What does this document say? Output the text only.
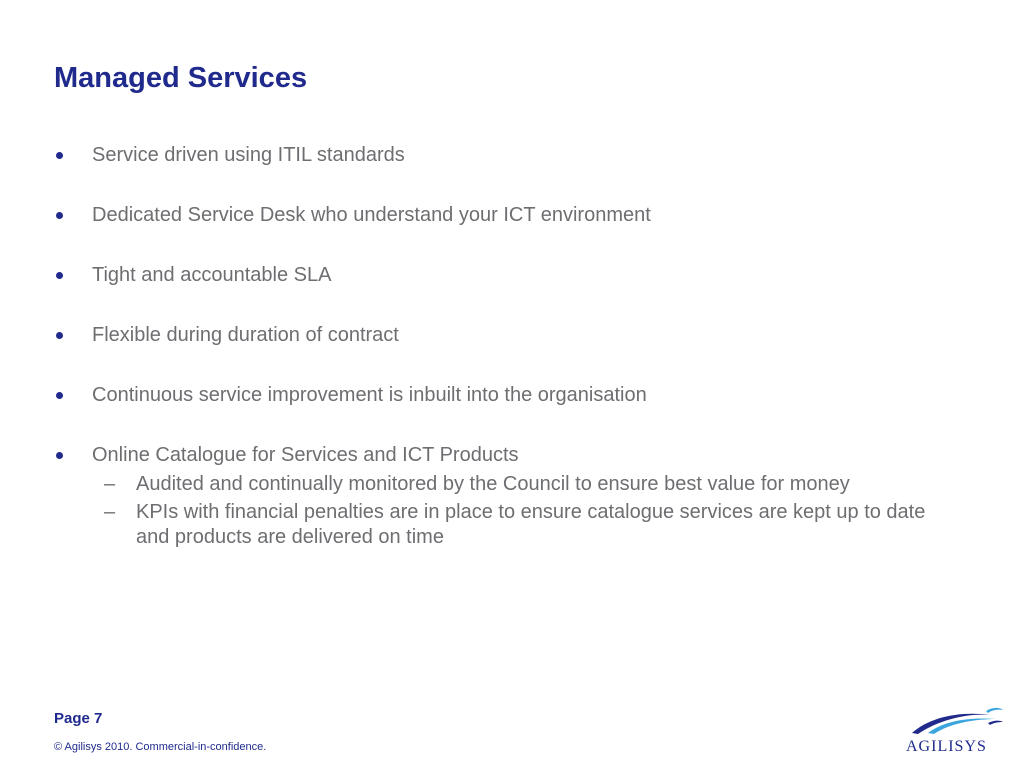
Managed Services
Service driven using ITIL standards
Dedicated Service Desk who understand your ICT environment
Tight and accountable SLA
Flexible during duration of contract
Continuous service improvement is inbuilt into the organisation
Online Catalogue for Services and ICT Products
– Audited and continually monitored by the Council to ensure best value for money
– KPIs with financial penalties are in place to ensure catalogue services are kept up to date and products are delivered on time
Page 7
© Agilisys 2010. Commercial-in-confidence.	AGILISYS
